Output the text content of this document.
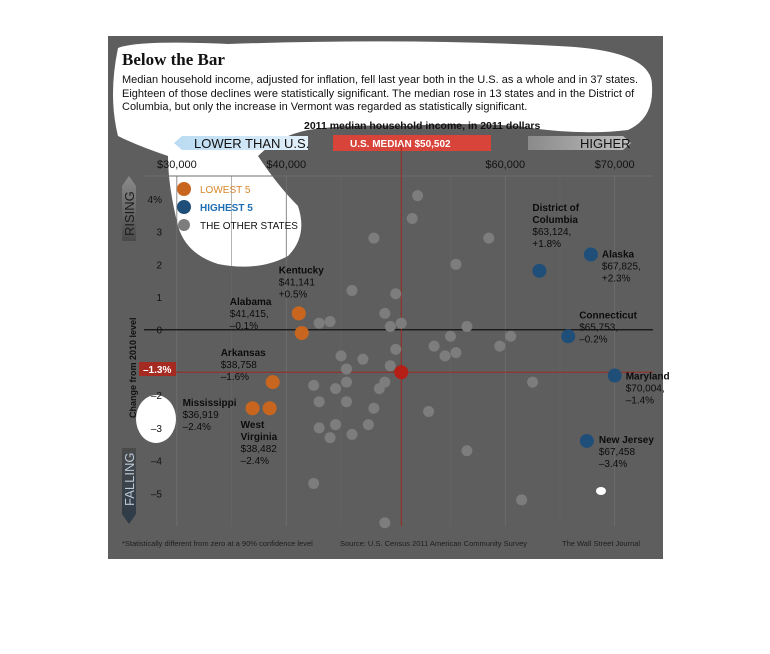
LOWER THAN U.S.	HIGHER
U.S. MEDIAN $50,502
RISING
FALLING
Change from 2010 level
$30,000	$40,000	$60,000	$70,000
4%
3
2
1
0
–2
–3
–4
–5
Kentucky
$41,141
+0.5%
Alabama
$41,415,
–0.1%
Arkansas
$38,758
–1.6%
Mississippi
$36,919
–2.4%	West
Virginia
$38,482
–2.4%
District of
Columbia
$63,124,
+1.8%
Alaska
$67,825,
+2.3%
Connecticut
$65,753,
–0.2%
Maryland
$70,004,
–1.4%
New Jersey
$67,458
–3.4%
–1.3%
LOWEST 5
HIGHEST 5
THE OTHER STATES

Below the Bar

Median household income, adjusted for inflation, fell last year both in the U.S. as a whole and in 37 states. Eighteen of those declines were statistically significant. The median rose in 13 states and in the District of Columbia, but only the increase in Vermont was regarded as statistically significant.

2011 median household income, in 2011 dollars

*Statistically different from zero at a 90% confidence level	Source: U.S. Census 2011 American Community Survey	The Wall Street Journal
